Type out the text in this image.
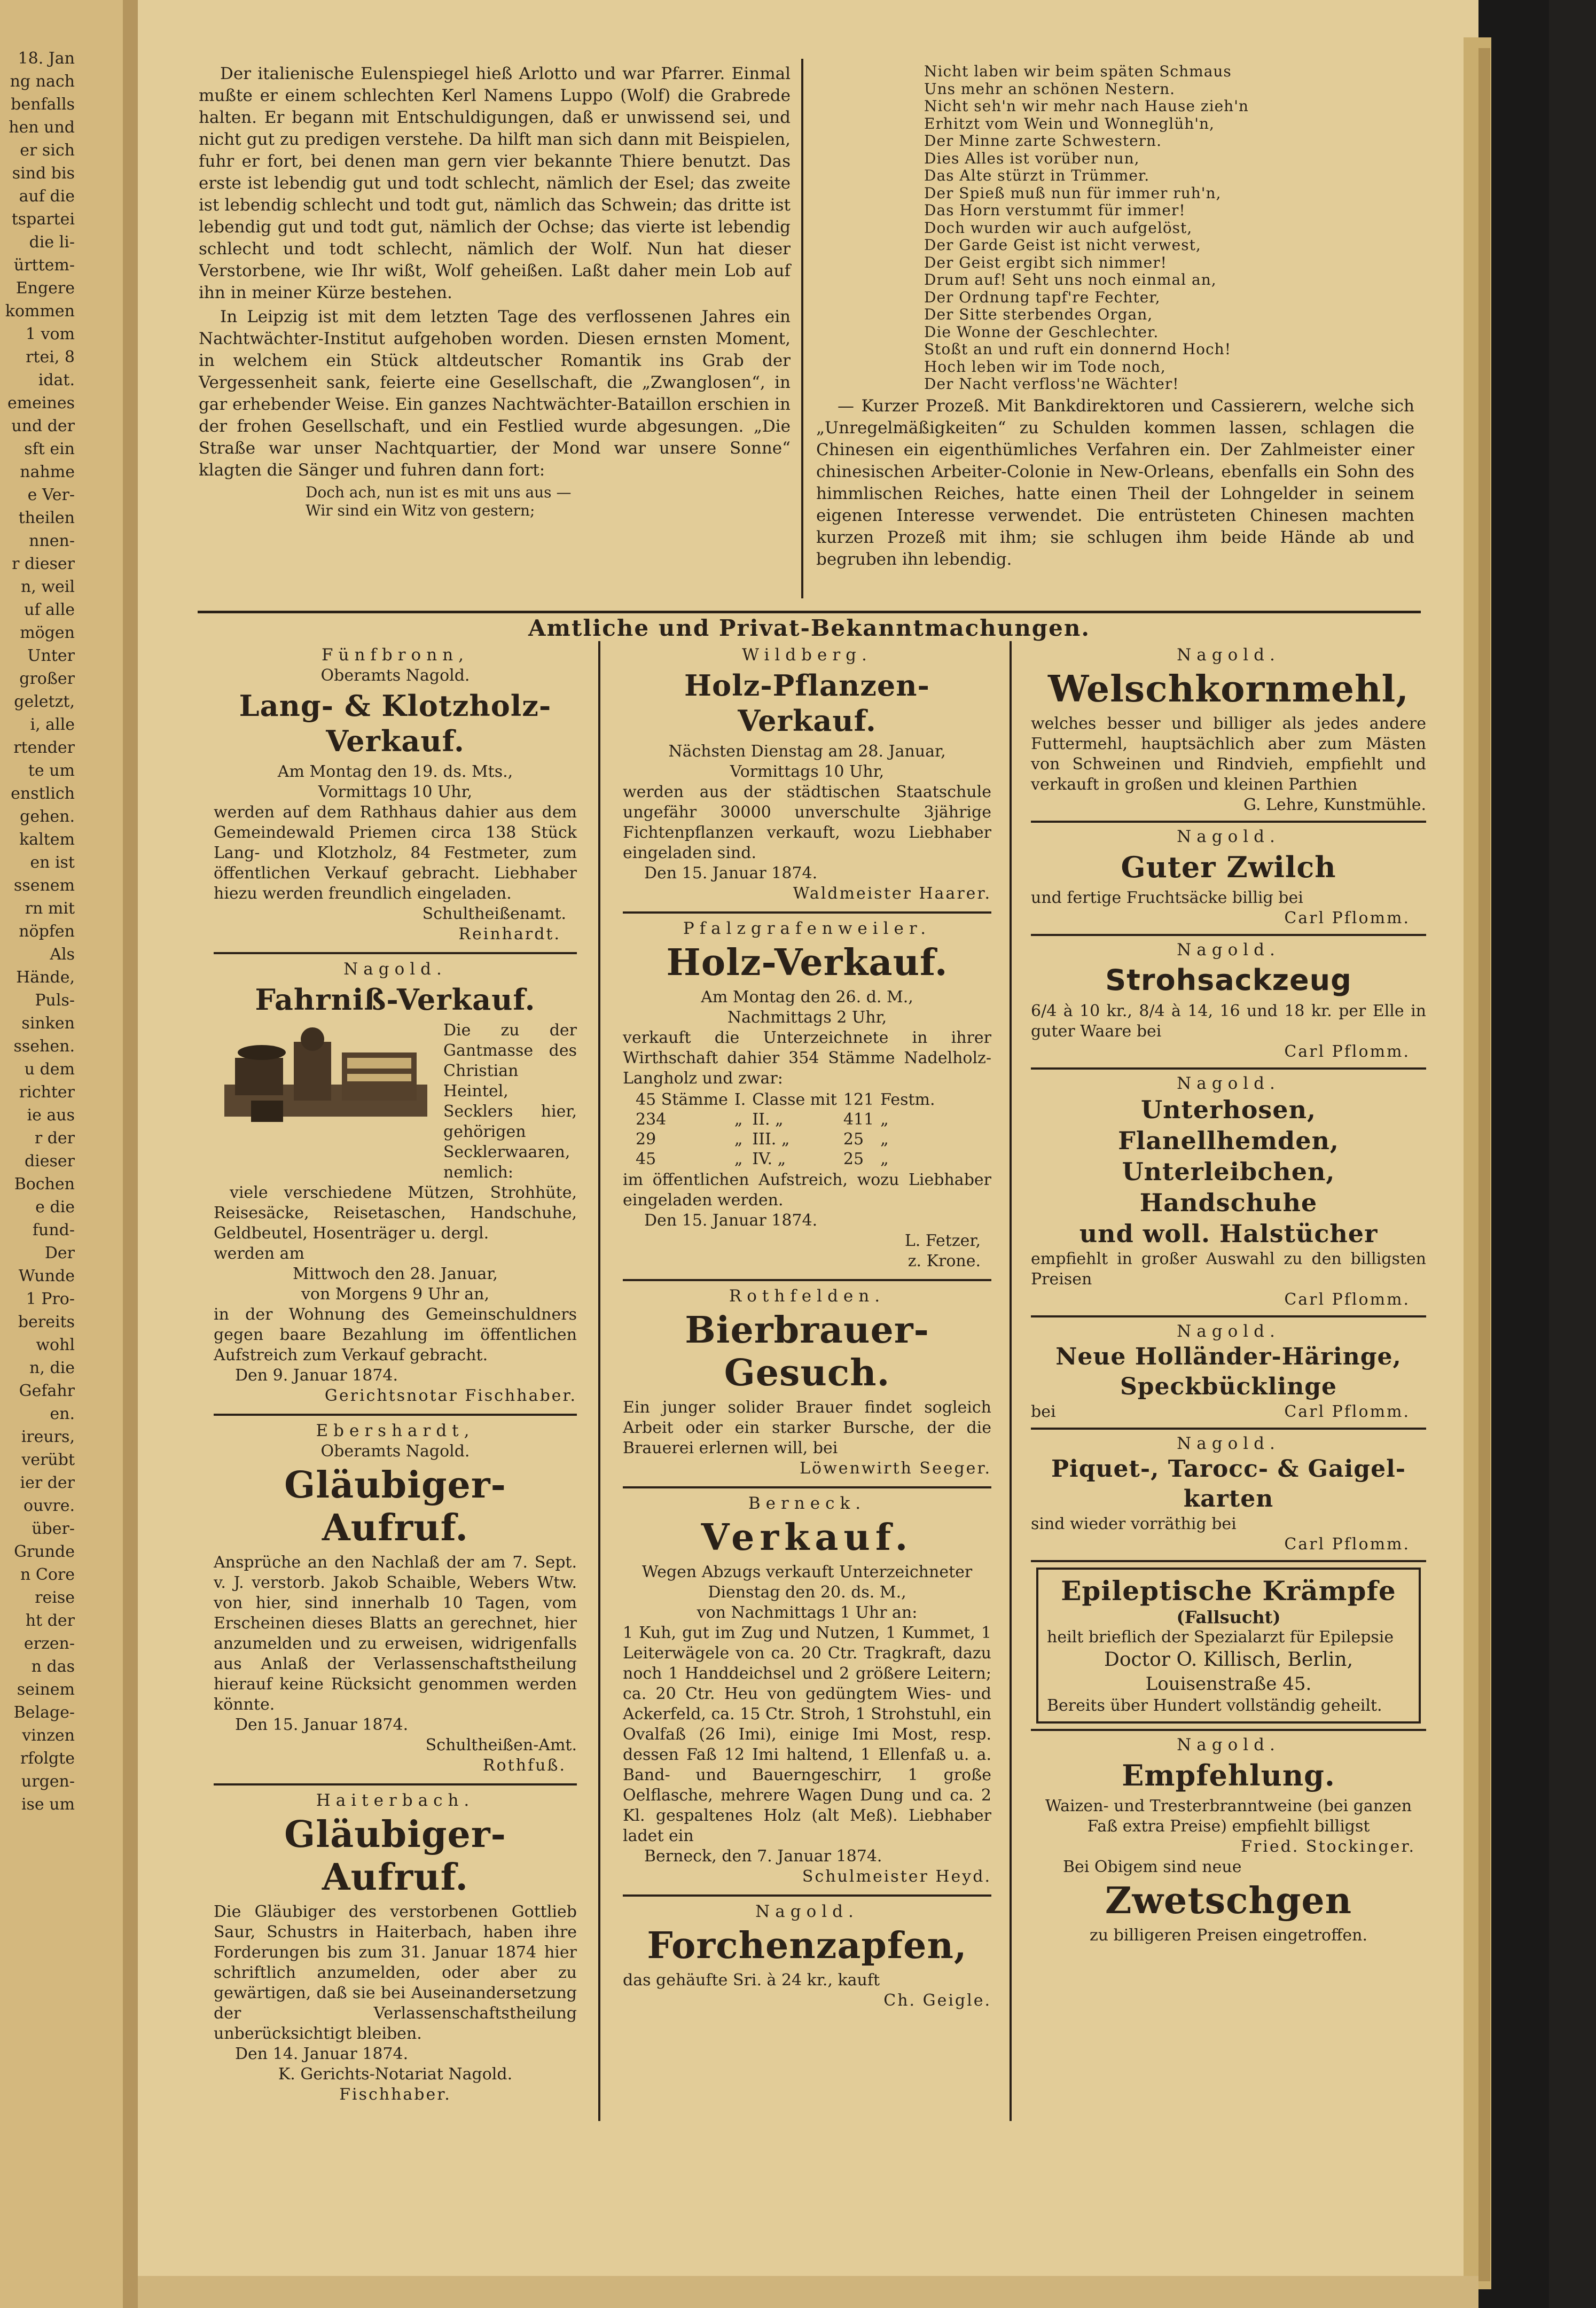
18. Jan
ng nach
benfalls
hen und
er sich
sind bis
auf die
tspartei
die li-
ürttem-
Engere
kommen
1 vom
rtei, 8
idat.
emeines
und der
sft ein
nahme
e Ver-
theilen
nnen-
r dieser
n, weil
uf alle
mögen
Unter
großer
geletzt,
i, alle
rtender
te um
enstlich
gehen.
kaltem
en ist
ssenem
rn mit
nöpfen
Als
Hände,
Puls-
sinken
ssehen.
u dem
richter
ie aus
r der
dieser
Bochen
e die
fund-
Der
Wunde
1 Pro-
bereits
wohl
n, die
Gefahr
en.
ireurs,
verübt
ier der
ouvre.
über-
Grunde
n Core
reise
ht der
erzen-
n das
seinem
Belage-
vinzen
rfolgte
urgen-
ise um

Der italienische Eulenspiegel hieß Arlotto und war Pfarrer. Einmal mußte er einem schlechten Kerl Namens Luppo (Wolf) die Grabrede halten. Er begann mit Entschuldigungen, daß er unwissend sei, und nicht gut zu predigen verstehe. Da hilft man sich dann mit Beispielen, fuhr er fort, bei denen man gern vier bekannte Thiere benutzt. Das erste ist lebendig gut und todt schlecht, nämlich der Esel; das zweite ist lebendig schlecht und todt gut, nämlich das Schwein; das dritte ist lebendig gut und todt gut, nämlich der Ochse; das vierte ist lebendig schlecht und todt schlecht, nämlich der Wolf. Nun hat dieser Verstorbene, wie Ihr wißt, Wolf geheißen. Laßt daher mein Lob auf ihn in meiner Kürze bestehen.

In Leipzig ist mit dem letzten Tage des verflossenen Jahres ein Nachtwächter-Institut aufgehoben worden. Diesen ernsten Moment, in welchem ein Stück altdeutscher Romantik ins Grab der Vergessenheit sank, feierte eine Gesellschaft, die „Zwanglosen“, in gar erhebender Weise. Ein ganzes Nachtwächter-Bataillon erschien in der frohen Gesellschaft, und ein Festlied wurde abgesungen. „Die Straße war unser Nachtquartier, der Mond war unsere Sonne“ klagten die Sänger und fuhren dann fort:

Doch ach, nun ist es mit uns aus —

Wir sind ein Witz von gestern;

Nicht laben wir beim späten Schmaus

Uns mehr an schönen Nestern.

Nicht seh'n wir mehr nach Hause zieh'n

Erhitzt vom Wein und Wonneglüh'n,

Der Minne zarte Schwestern.

Dies Alles ist vorüber nun,

Das Alte stürzt in Trümmer.

Der Spieß muß nun für immer ruh'n,

Das Horn verstummt für immer!

Doch wurden wir auch aufgelöst,

Der Garde Geist ist nicht verwest,

Der Geist ergibt sich nimmer!

Drum auf! Seht uns noch einmal an,

Der Ordnung tapf're Fechter,

Der Sitte sterbendes Organ,

Die Wonne der Geschlechter.

Stoßt an und ruft ein donnernd Hoch!

Hoch leben wir im Tode noch,

Der Nacht verfloss'ne Wächter!

— Kurzer Prozeß. Mit Bankdirektoren und Cassierern, welche sich „Unregelmäßigkeiten“ zu Schulden kommen lassen, schlagen die Chinesen ein eigenthümliches Verfahren ein. Der Zahlmeister einer chinesischen Arbeiter-Colonie in New-Orleans, ebenfalls ein Sohn des himmlischen Reiches, hatte einen Theil der Lohngelder in seinem eigenen Interesse verwendet. Die entrüsteten Chinesen machten kurzen Prozeß mit ihm; sie schlugen ihm beide Hände ab und begruben ihn lebendig.

Amtliche und Privat-Bekanntmachungen.

Fünfbronn,

Oberamts Nagold.

Lang- & Klotzholz-Verkauf.

Am Montag den 19. ds. Mts.,

Vormittags 10 Uhr,

werden auf dem Rathhaus dahier aus dem Gemeindewald Priemen circa 138 Stück Lang- und Klotzholz, 84 Festmeter, zum öffentlichen Verkauf gebracht. Liebhaber hiezu werden freundlich eingeladen.

Schultheißenamt.

Reinhardt.

Nagold.

Fahrniß-Verkauf.

Die zu der Gantmasse des Christian Heintel, Secklers hier, gehörigen Secklerwaaren, nemlich:

viele verschiedene Mützen, Strohhüte, Reisesäcke, Reisetaschen, Handschuhe, Geldbeutel, Hosenträger u. dergl.

werden am

Mittwoch den 28. Januar,

von Morgens 9 Uhr an,

in der Wohnung des Gemeinschuldners gegen baare Bezahlung im öffentlichen Aufstreich zum Verkauf gebracht.

Den 9. Januar 1874.

Gerichtsnotar Fischhaber.

Ebershardt,

Oberamts Nagold.

Gläubiger-Aufruf.

Ansprüche an den Nachlaß der am 7. Sept. v. J. verstorb. Jakob Schaible, Webers Wtw. von hier, sind innerhalb 10 Tagen, vom Erscheinen dieses Blatts an gerechnet, hier anzumelden und zu erweisen, widrigenfalls aus Anlaß der Verlassenschaftstheilung hierauf keine Rücksicht genommen werden könnte.

Den 15. Januar 1874.

Schultheißen-Amt.

Rothfuß.

Haiterbach.

Gläubiger-Aufruf.

Die Gläubiger des verstorbenen Gottlieb Saur, Schustrs in Haiterbach, haben ihre Forderungen bis zum 31. Januar 1874 hier schriftlich anzumelden, oder aber zu gewärtigen, daß sie bei Auseinandersetzung der Verlassenschaftstheilung unberücksichtigt bleiben.

Den 14. Januar 1874.

K. Gerichts-Notariat Nagold.

Fischhaber.

Wildberg.

Holz-Pflanzen-Verkauf.

Nächsten Dienstag am 28. Januar,

Vormittags 10 Uhr,

werden aus der städtischen Staatschule ungefähr 30000 unverschulte 3jährige Fichtenpflanzen verkauft, wozu Liebhaber eingeladen sind.

Den 15. Januar 1874.

Waldmeister Haarer.

Pfalzgrafenweiler.

Holz-Verkauf.

Am Montag den 26. d. M.,

Nachmittags 2 Uhr,

verkauft die Unterzeichnete in ihrer Wirthschaft dahier 354 Stämme Nadelholz-Langholz und zwar:

45 Stämme	I.	Classe mit	121	Festm.
234	„	II. „	411	„
29	„	III. „	25	„
45	„	IV. „	25	„

im öffentlichen Aufstreich, wozu Liebhaber eingeladen werden.

Den 15. Januar 1874.

L. Fetzer,

z. Krone.

Rothfelden.

Bierbrauer-Gesuch.

Ein junger solider Brauer findet sogleich Arbeit oder ein starker Bursche, der die Brauerei erlernen will, bei

Löwenwirth Seeger.

Berneck.

Verkauf.

Wegen Abzugs verkauft Unterzeichneter

Dienstag den 20. ds. M.,

von Nachmittags 1 Uhr an:

1 Kuh, gut im Zug und Nutzen, 1 Kummet, 1 Leiterwägele von ca. 20 Ctr. Tragkraft, dazu noch 1 Handdeichsel und 2 größere Leitern; ca. 20 Ctr. Heu von gedüngtem Wies- und Ackerfeld, ca. 15 Ctr. Stroh, 1 Strohstuhl, ein Ovalfaß (26 Imi), einige Imi Most, resp. dessen Faß 12 Imi haltend, 1 Ellenfaß u. a. Band- und Bauerngeschirr, 1 große Oelflasche, mehrere Wagen Dung und ca. 2 Kl. gespaltenes Holz (alt Meß). Liebhaber ladet ein

Berneck, den 7. Januar 1874.

Schulmeister Heyd.

Nagold.

Forchenzapfen,

das gehäufte Sri. à 24 kr., kauft

Ch. Geigle.

Nagold.

Welschkornmehl,

welches besser und billiger als jedes andere Futtermehl, hauptsächlich aber zum Mästen von Schweinen und Rindvieh, empfiehlt und verkauft in großen und kleinen Parthien

G. Lehre, Kunstmühle.

Nagold.

Guter Zwilch

und fertige Fruchtsäcke billig bei

Carl Pflomm.

Nagold.

Strohsackzeug

6/4 à 10 kr., 8/4 à 14, 16 und 18 kr. per Elle in guter Waare bei

Carl Pflomm.

Nagold.

Unterhosen, Flanellhemden,

Unterleibchen, Handschuhe

und woll. Halstücher

empfiehlt in großer Auswahl zu den billigsten Preisen

Carl Pflomm.

Nagold.

Neue Holländer-Häringe,

Speckbücklinge

bei	Carl Pflomm.

Nagold.

Piquet-, Tarocc- & Gaigel-

karten

sind wieder vorräthig bei

Carl Pflomm.

Epileptische Krämpfe

(Fallsucht)

heilt brieflich der Spezialarzt für Epilepsie

Doctor O. Killisch, Berlin,

Louisenstraße 45.

Bereits über Hundert vollständig geheilt.

Nagold.

Empfehlung.

Waizen- und Tresterbranntweine (bei ganzen Faß extra Preise) empfiehlt billigst

Fried. Stockinger.

Bei Obigem sind neue

Zwetschgen

zu billigeren Preisen eingetroffen.
